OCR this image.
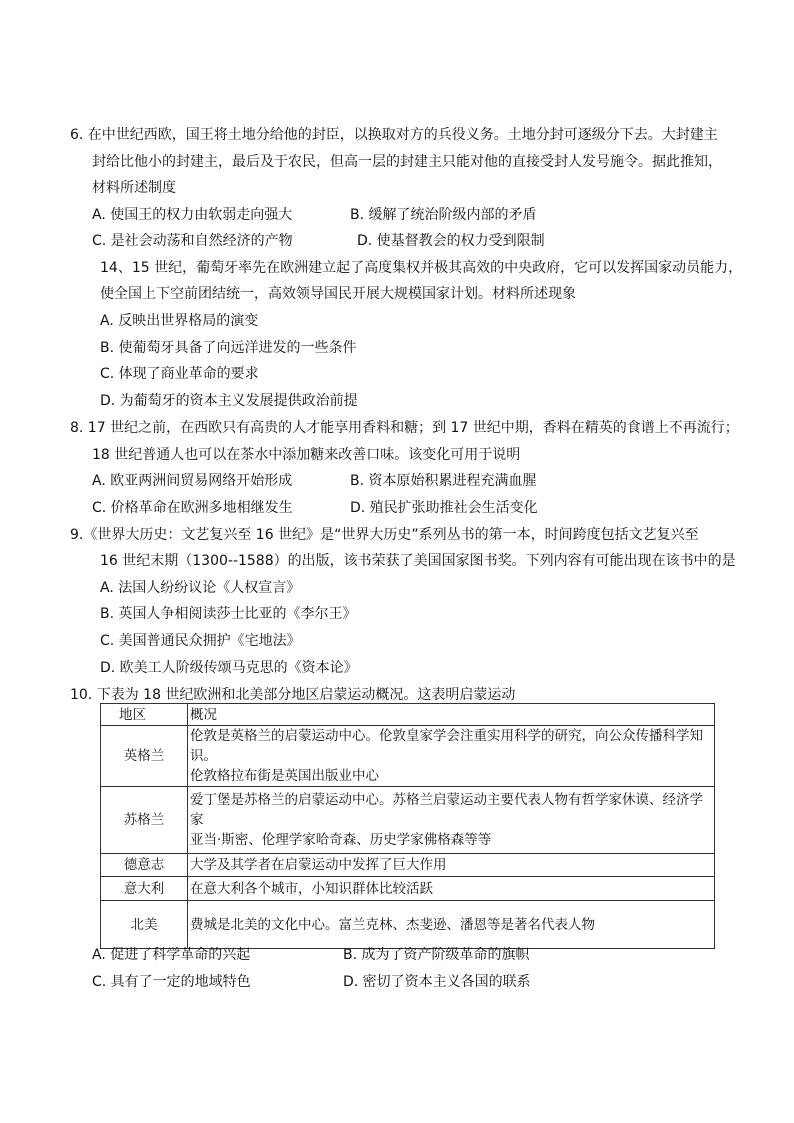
6. 在中世纪西欧，国王将土地分给他的封臣，以换取对方的兵役义务。土地分封可逐级分下去。大封建主
封给比他小的封建主，最后及于农民，但高一层的封建主只能对他的直接受封人发号施令。据此推知，
材料所述制度
A. 使国王的权力由软弱走向强大	B. 缓解了统治阶级内部的矛盾
C. 是社会动荡和自然经济的产物	D. 使基督教会的权力受到限制
14、15 世纪，葡萄牙率先在欧洲建立起了高度集权并极其高效的中央政府，它可以发挥国家动员能力，
使全国上下空前团结统一，高效领导国民开展大规模国家计划。材料所述现象
A. 反映出世界格局的演变
B. 使葡萄牙具备了向远洋进发的一些条件
C. 体现了商业革命的要求
D. 为葡萄牙的资本主义发展提供政治前提
8. 17 世纪之前，在西欧只有高贵的人才能享用香料和糖；到 17 世纪中期，香料在精英的食谱上不再流行；
18 世纪普通人也可以在茶水中添加糖来改善口味。该变化可用于说明
A. 欧亚两洲间贸易网络开始形成	B. 资本原始积累进程充满血腥
C. 价格革命在欧洲多地相继发生	D. 殖民扩张助推社会生活变化
9.《世界大历史：文艺复兴至 16 世纪》是“世界大历史”系列丛书的第一本，时间跨度包括文艺复兴至
16 世纪末期（1300--1588）的出版，该书荣获了美国国家图书奖。下列内容有可能出现在该书中的是
A. 法国人纷纷议论《人权宣言》
B. 英国人争相阅读莎士比亚的《李尔王》
C. 美国普通民众拥护《宅地法》
D. 欧美工人阶级传颂马克思的《资本论》
10. 下表为 18 世纪欧洲和北美部分地区启蒙运动概况。这表明启蒙运动
地区	概况
英格兰	伦敦是英格兰的启蒙运动中心。伦敦皇家学会注重实用科学的研究，向公众传播科学知识。
伦敦格拉布街是英国出版业中心

苏格兰	爱丁堡是苏格兰的启蒙运动中心。苏格兰启蒙运动主要代表人物有哲学家休谟、经济学家
亚当·斯密、伦理学家哈奇森、历史学家佛格森等等

德意志	大学及其学者在启蒙运动中发挥了巨大作用
意大利	在意大利各个城市，小知识群体比较活跃
北美	费城是北美的文化中心。富兰克林、杰斐逊、潘恩等是著名代表人物
A. 促进了科学革命的兴起	B. 成为了资产阶级革命的旗帜
C. 具有了一定的地域特色	D. 密切了资本主义各国的联系
